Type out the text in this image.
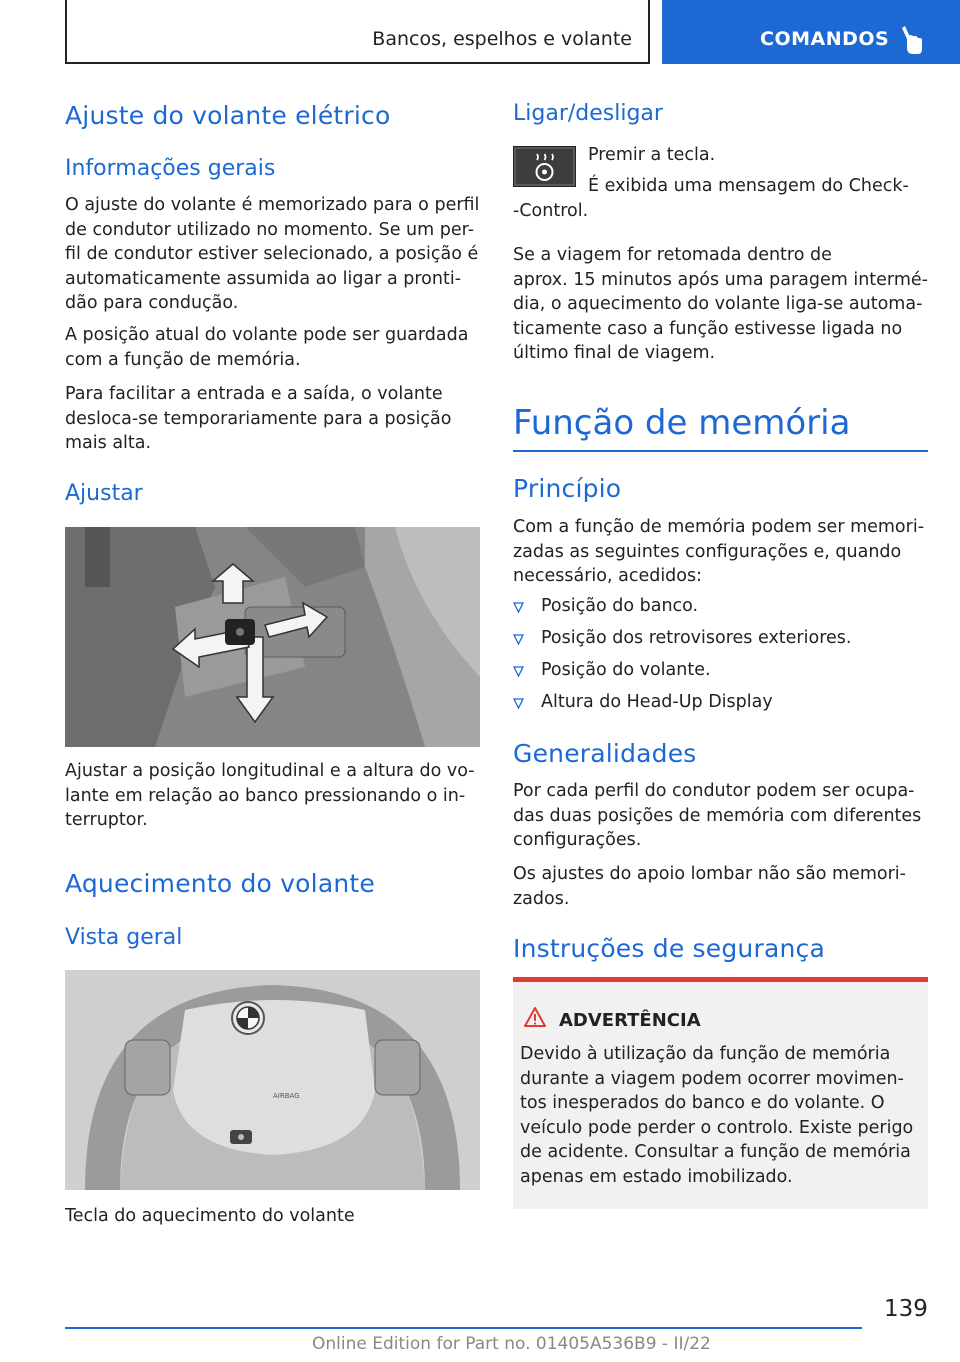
Bancos, espelhos e volante	COMANDOS
Ajuste do volante elétrico
Informações gerais
O ajuste do volante é memorizado para o perfil
de condutor utilizado no momento. Se um per-
fil de condutor estiver selecionado, a posição é
automaticamente assumida ao ligar a pronti-
dão para condução.
A posição atual do volante pode ser guardada
com a função de memória.
Para facilitar a entrada e a saída, o volante
desloca-se temporariamente para a posição
mais alta.
Ajustar
Ajustar a posição longitudinal e a altura do vo-
lante em relação ao banco pressionando o in-
terruptor.
Aquecimento do volante
Vista geral
AIRBAG
Tecla do aquecimento do volante
Ligar/desligar
Premir a tecla.
É exibida uma mensagem do Check-
-Control.
Se a viagem for retomada dentro de
aprox. 15 minutos após uma paragem intermé-
dia, o aquecimento do volante liga-se automa-
ticamente caso a função estivesse ligada no
último final de viagem.
Função de memória
Princípio
Com a função de memória podem ser memori-
zadas as seguintes configurações e, quando
necessário, acedidos:
Posição do banco.
Posição dos retrovisores exteriores.
Posição do volante.
Altura do Head-Up Display
Generalidades
Por cada perfil do condutor podem ser ocupa-
das duas posições de memória com diferentes
configurações.
Os ajustes do apoio lombar não são memori-
zados.
Instruções de segurança
ADVERTÊNCIA
Devido à utilização da função de memória
durante a viagem podem ocorrer movimen-
tos inesperados do banco e do volante. O
veículo pode perder o controlo. Existe perigo
de acidente. Consultar a função de memória
apenas em estado imobilizado.
139
Online Edition for Part no. 01405A536B9 - II/22
